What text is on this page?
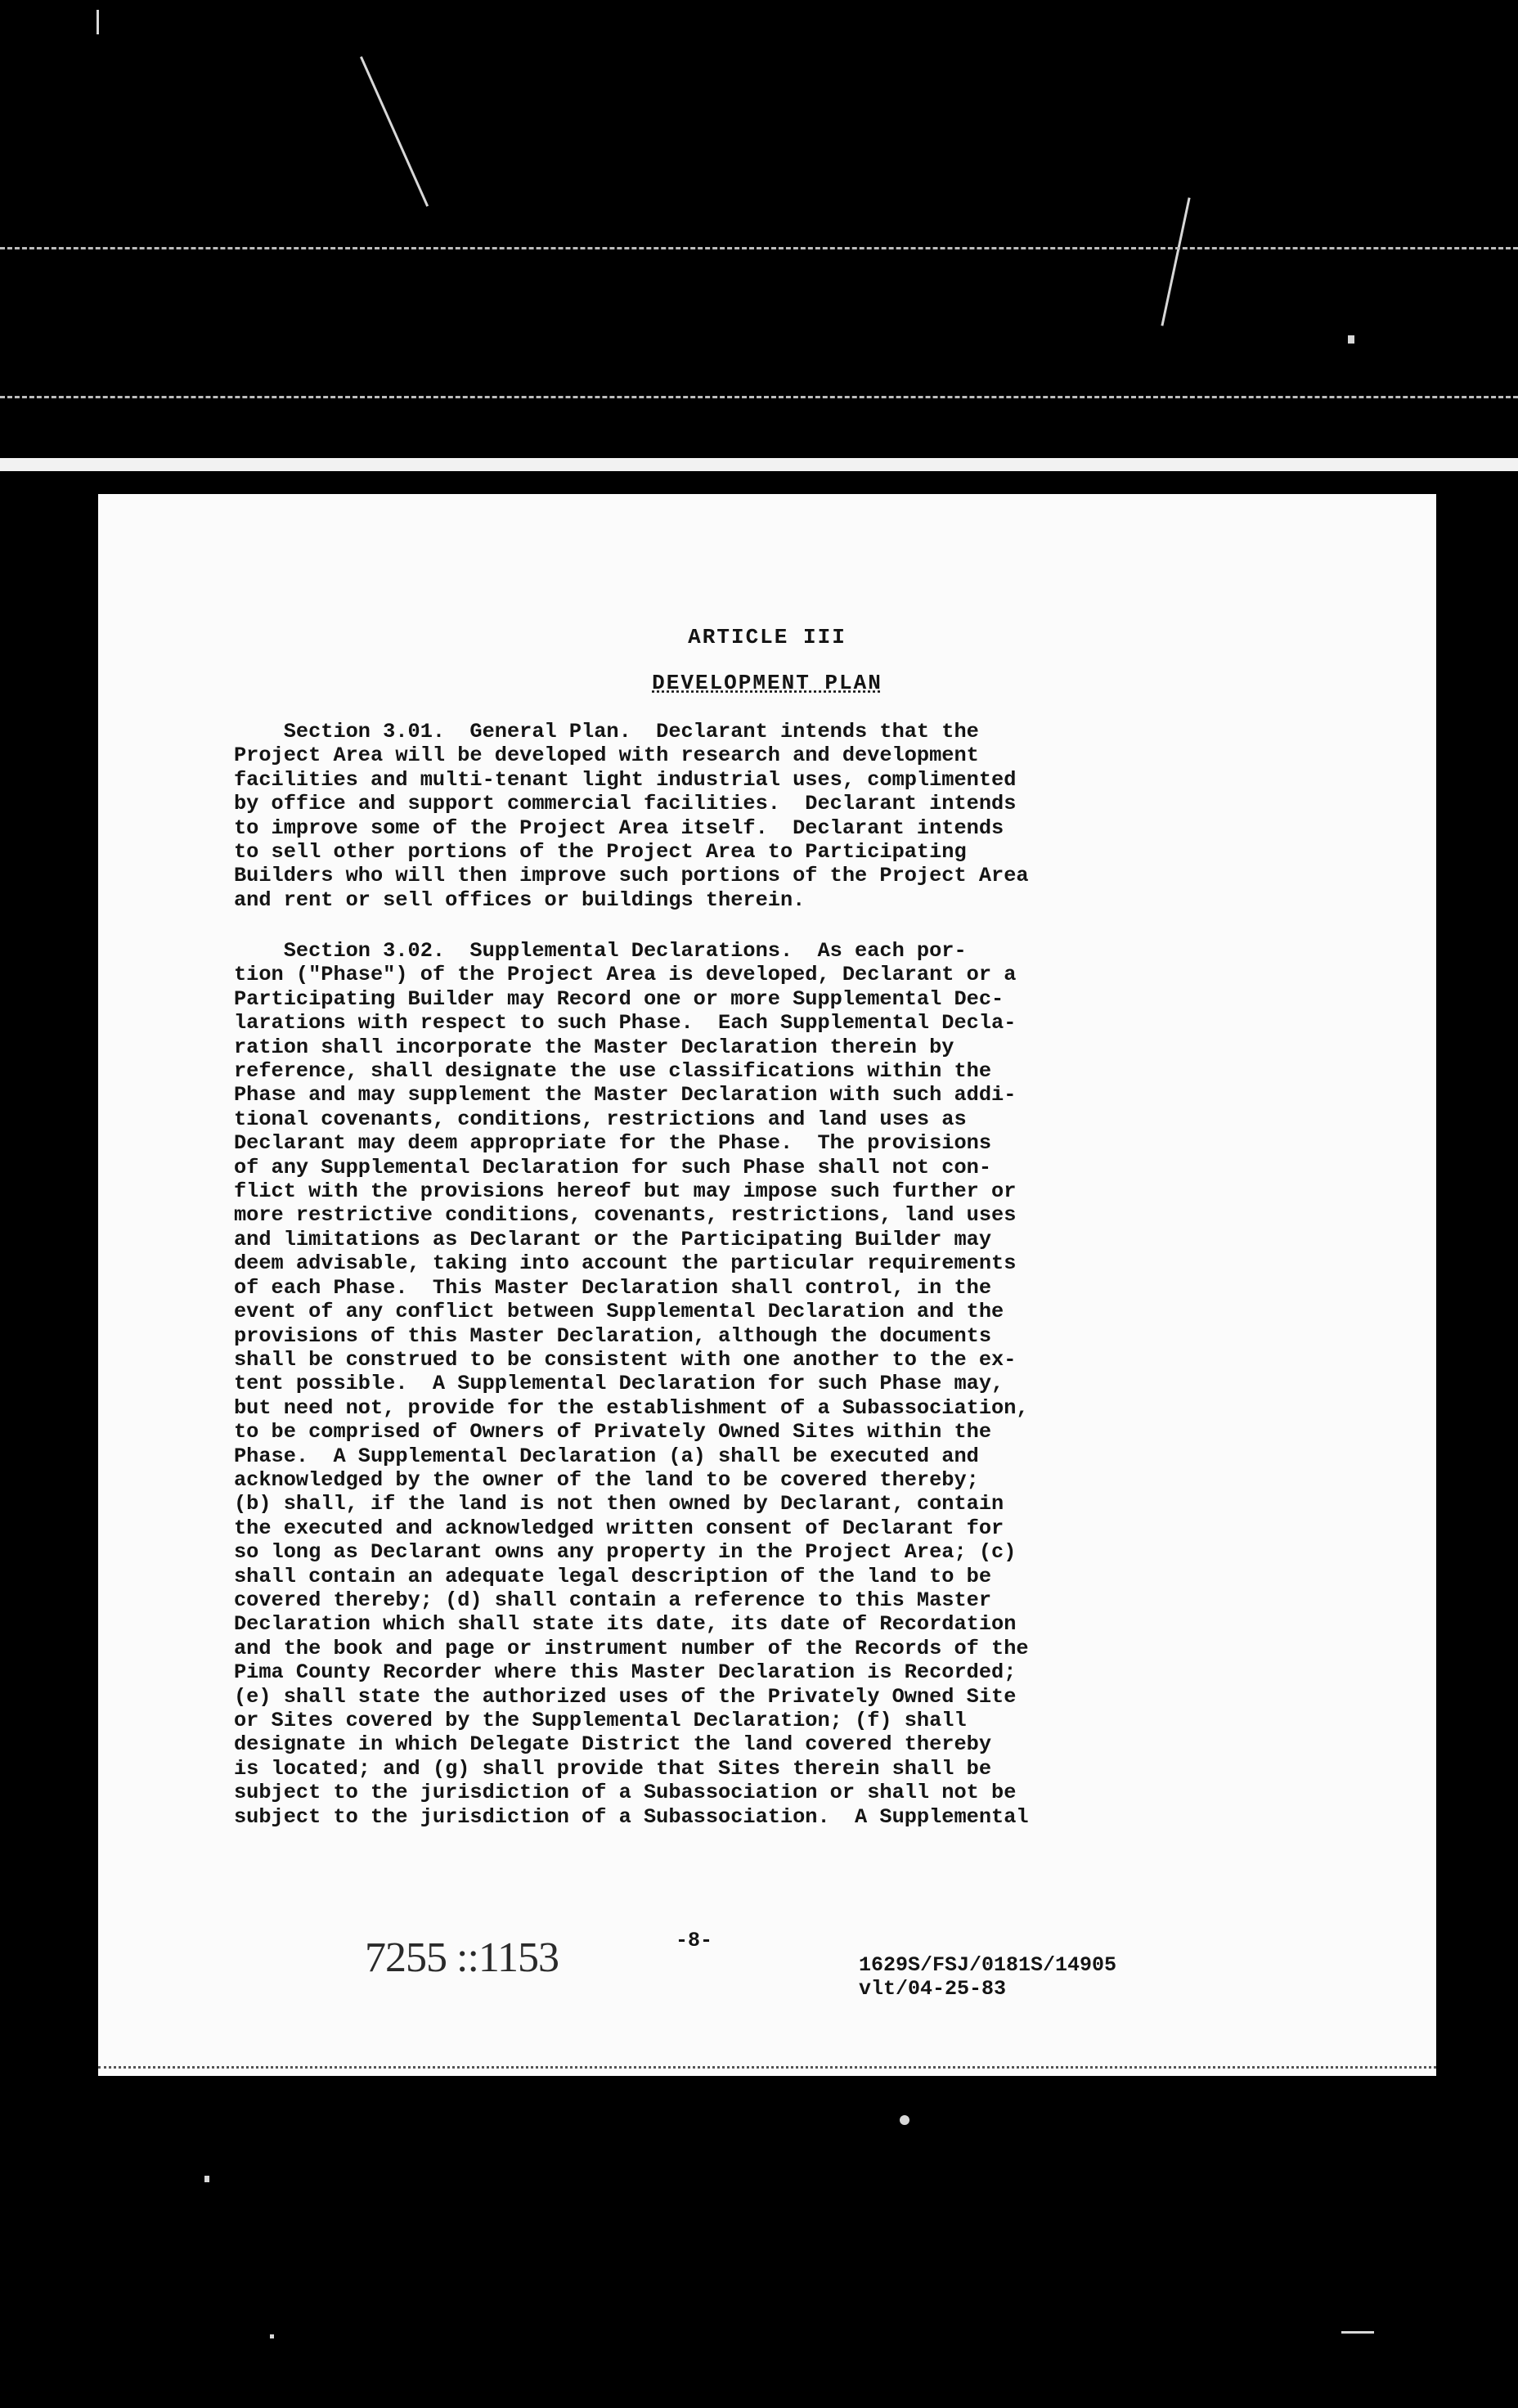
ARTICLE III
DEVELOPMENT PLAN

Section 3.01.  General Plan.  Declarant intends that the

Project Area will be developed with research and development

facilities and multi-tenant light industrial uses, complimented

by office and support commercial facilities.  Declarant intends

to improve some of the Project Area itself.  Declarant intends

to sell other portions of the Project Area to Participating

Builders who will then improve such portions of the Project Area

and rent or sell offices or buildings therein.

Section 3.02.  Supplemental Declarations.  As each por-

tion ("Phase") of the Project Area is developed, Declarant or a

Participating Builder may Record one or more Supplemental Dec-

larations with respect to such Phase.  Each Supplemental Decla-

ration shall incorporate the Master Declaration therein by

reference, shall designate the use classifications within the

Phase and may supplement the Master Declaration with such addi-

tional covenants, conditions, restrictions and land uses as

Declarant may deem appropriate for the Phase.  The provisions

of any Supplemental Declaration for such Phase shall not con-

flict with the provisions hereof but may impose such further or

more restrictive conditions, covenants, restrictions, land uses

and limitations as Declarant or the Participating Builder may

deem advisable, taking into account the particular requirements

of each Phase.  This Master Declaration shall control, in the

event of any conflict between Supplemental Declaration and the

provisions of this Master Declaration, although the documents

shall be construed to be consistent with one another to the ex-

tent possible.  A Supplemental Declaration for such Phase may,

but need not, provide for the establishment of a Subassociation,

to be comprised of Owners of Privately Owned Sites within the

Phase.  A Supplemental Declaration (a) shall be executed and

acknowledged by the owner of the land to be covered thereby;

(b) shall, if the land is not then owned by Declarant, contain

the executed and acknowledged written consent of Declarant for

so long as Declarant owns any property in the Project Area; (c)

shall contain an adequate legal description of the land to be

covered thereby; (d) shall contain a reference to this Master

Declaration which shall state its date, its date of Recordation

and the book and page or instrument number of the Records of the

Pima County Recorder where this Master Declaration is Recorded;

(e) shall state the authorized uses of the Privately Owned Site

or Sites covered by the Supplemental Declaration; (f) shall

designate in which Delegate District the land covered thereby

is located; and (g) shall provide that Sites therein shall be

subject to the jurisdiction of a Subassociation or shall not be

subject to the jurisdiction of a Subassociation.  A Supplemental

7255 ::1153	-8-
1629S/FSJ/0181S/14905
vlt/04-25-83
